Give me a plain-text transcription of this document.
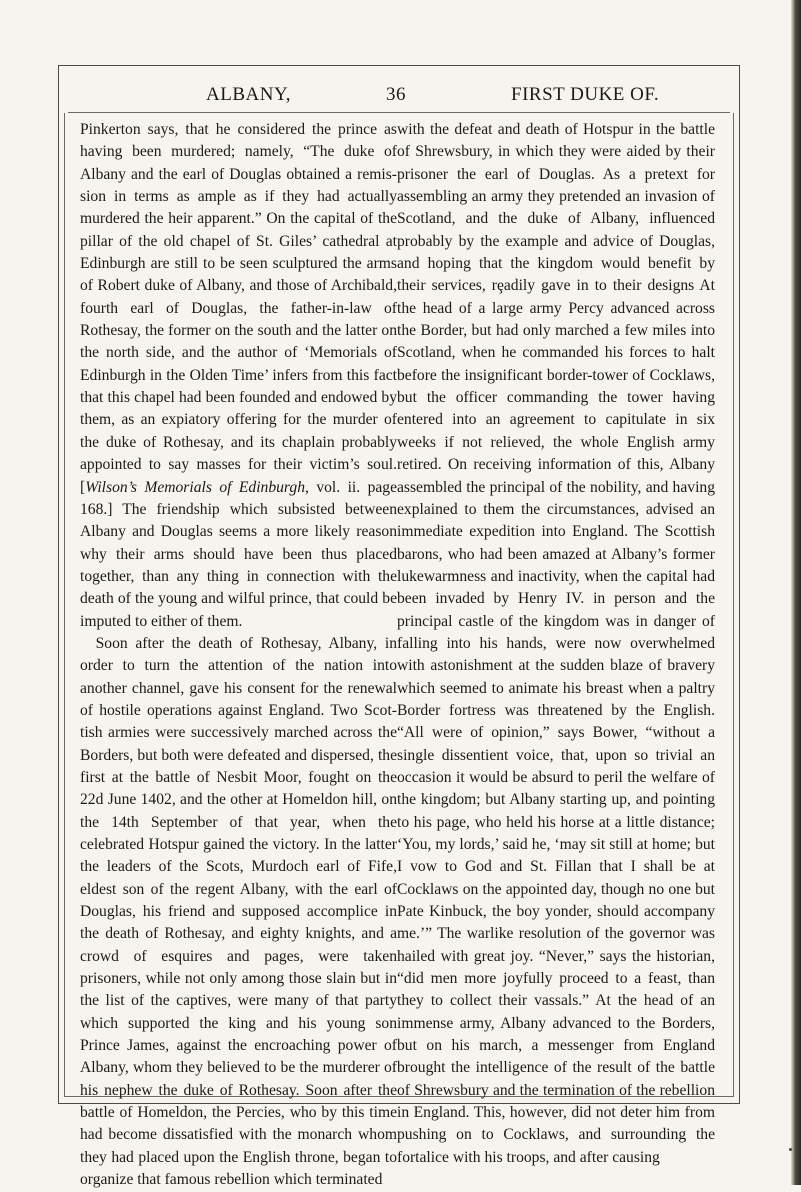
ALBANY,	36	FIRST DUKE OF.

Pinkerton says, that he considered the prince as having been murdered; namely, “The duke of Albany and the earl of Douglas obtained a remission in terms as ample as if they had actually murdered the heir apparent.” On the capital of the pillar of the old chapel of St. Giles’ cathedral at Edinburgh are still to be seen sculptured the arms of Robert duke of Albany, and those of Archibald, fourth earl of Douglas, the father-in-law of Rothesay, the former on the south and the latter on the north side, and the author of ‘Memorials of Edinburgh in the Olden Time’ infers from this fact that this chapel had been founded and endowed by them, as an expiatory offering for the murder of the duke of Rothesay, and its chaplain probably appointed to say masses for their victim’s soul. [Wilson’s Memorials of Edinburgh, vol. ii. page 168.] The friendship which subsisted between Albany and Douglas seems a more likely reason why their arms should have been thus placed together, than any thing in connection with the death of the young and wilful prince, that could be imputed to either of them.

Soon after the death of Rothesay, Albany, in order to turn the attention of the nation into another channel, gave his consent for the renewal of hostile operations against England. Two Scottish armies were successively marched across the Borders, but both were defeated and dispersed, the first at the battle of Nesbit Moor, fought on the 22d June 1402, and the other at Homeldon hill, on the 14th September of that year, when the celebrated Hotspur gained the victory. In the latter the leaders of the Scots, Murdoch earl of Fife, eldest son of the regent Albany, with the earl of Douglas, his friend and supposed accomplice in the death of Rothesay, and eighty knights, and a crowd of esquires and pages, were taken prisoners, while not only among those slain but in the list of the captives, were many of that party which supported the king and his young son Prince James, against the encroaching power of Albany, whom they believed to be the murderer of his nephew the duke of Rothesay. Soon after the battle of Homeldon, the Percies, who by this time had become dissatisfied with the monarch whom they had placed upon the English throne, began to organize that famous rebellion which terminated

with the defeat and death of Hotspur in the battle of Shrewsbury, in which they were aided by their prisoner the earl of Douglas. As a pretext for assembling an army they pretended an invasion of Scotland, and the duke of Albany, influenced probably by the example and advice of Douglas, and hoping that the kingdom would benefit by their services, rȩadily gave in to their designs At the head of a large army Percy advanced across the Border, but had only marched a few miles into Scotland, when he commanded his forces to halt before the insignificant border-tower of Cocklaws, but the officer commanding the tower having entered into an agreement to capitulate in six weeks if not relieved, the whole English army retired. On receiving information of this, Albany assembled the principal of the nobility, and having explained to them the circumstances, advised an immediate expedition into England. The Scottish barons, who had been amazed at Albany’s former lukewarmness and inactivity, when the capital had been invaded by Henry IV. in person and the principal castle of the kingdom was in danger of falling into his hands, were now overwhelmed with astonishment at the sudden blaze of bravery which seemed to animate his breast when a paltry Border fortress was threatened by the English. “All were of opinion,” says Bower, “without a single dissentient voice, that, upon so trivial an occasion it would be absurd to peril the welfare of the kingdom; but Albany starting up, and pointing to his page, who held his horse at a little distance; ‘You, my lords,’ said he, ‘may sit still at home; but I vow to God and St. Fillan that I shall be at Cocklaws on the appointed day, though no one but Pate Kinbuck, the boy yonder, should accompany me.’” The warlike resolution of the governor was hailed with great joy. “Never,” says the historian, “did men more joyfully proceed to a feast, than they to collect their vassals.” At the head of an immense army, Albany advanced to the Borders, but on his march, a messenger from England brought the intelligence of the result of the battle of Shrewsbury and the termination of the rebellion in England. This, however, did not deter him from pushing on to Cocklaws, and surrounding the fortalice with his troops, and after causing
